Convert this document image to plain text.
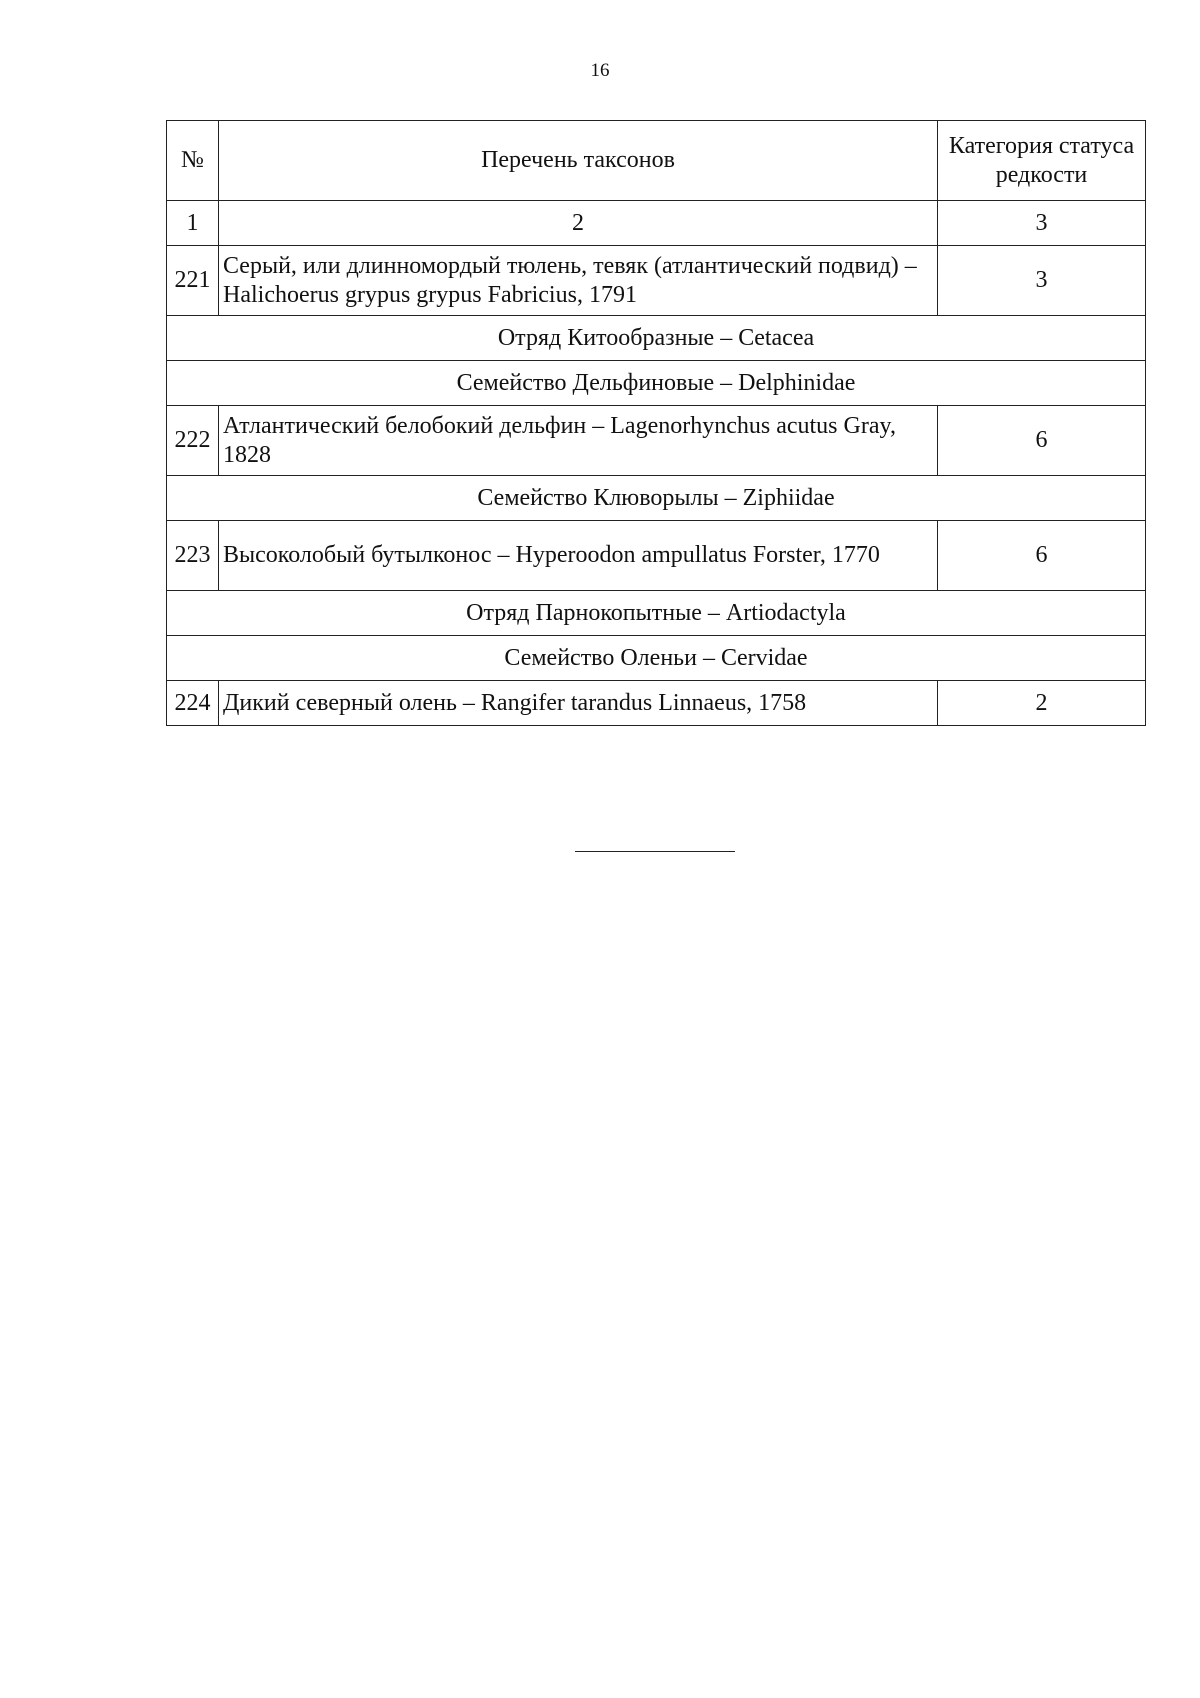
16
№	Перечень таксонов	Категория статуса редкости
1	2	3
221	Серый, или длинномордый тюлень, тевяк (атлантический подвид) – Halichoerus grypus grypus Fabricius, 1791	3
Отряд Китообразные – Cetacea		
Семейство Дельфиновые – Delphinidae		
222	Атлантический белобокий дельфин – Lagenorhynchus acutus Gray, 1828	6
Семейство Клюворылы – Ziphiidae		
223	Высоколобый бутылконос – Hyperoodon ampullatus Forster, 1770	6
Отряд Парнокопытные – Artiodactyla		
Семейство Оленьи – Cervidae		
224	Дикий северный олень – Rangifer tarandus Linnaeus, 1758	2
